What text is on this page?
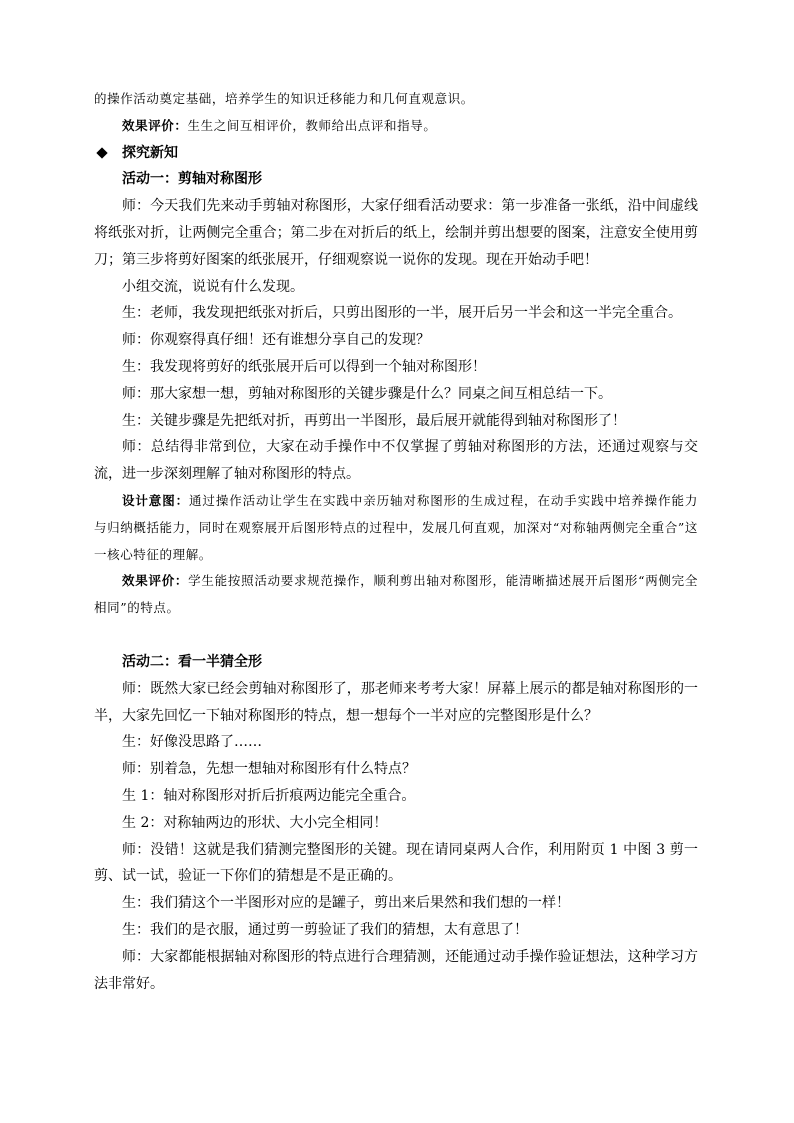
的操作活动奠定基础，培养学生的知识迁移能力和几何直观意识。

效果评价：生生之间互相评价，教师给出点评和指导。

探究新知

活动一：剪轴对称图形

师：今天我们先来动手剪轴对称图形，大家仔细看活动要求：第一步准备一张纸，沿中间虚线将纸张对折，让两侧完全重合；第二步在对折后的纸上，绘制并剪出想要的图案，注意安全使用剪刀；第三步将剪好图案的纸张展开，仔细观察说一说你的发现。现在开始动手吧！

小组交流，说说有什么发现。

生：老师，我发现把纸张对折后，只剪出图形的一半，展开后另一半会和这一半完全重合。

师：你观察得真仔细！还有谁想分享自己的发现？

生：我发现将剪好的纸张展开后可以得到一个轴对称图形！

师：那大家想一想，剪轴对称图形的关键步骤是什么？同桌之间互相总结一下。

生：关键步骤是先把纸对折，再剪出一半图形，最后展开就能得到轴对称图形了！

师：总结得非常到位，大家在动手操作中不仅掌握了剪轴对称图形的方法，还通过观察与交流，进一步深刻理解了轴对称图形的特点。

设计意图：通过操作活动让学生在实践中亲历轴对称图形的生成过程，在动手实践中培养操作能力与归纳概括能力，同时在观察展开后图形特点的过程中，发展几何直观，加深对“对称轴两侧完全重合”这一核心特征的理解。

效果评价：学生能按照活动要求规范操作，顺利剪出轴对称图形，能清晰描述展开后图形“两侧完全相同”的特点。

活动二：看一半猜全形

师：既然大家已经会剪轴对称图形了，那老师来考考大家！屏幕上展示的都是轴对称图形的一半，大家先回忆一下轴对称图形的特点，想一想每个一半对应的完整图形是什么？

生：好像没思路了……

师：别着急，先想一想轴对称图形有什么特点？

生 1：轴对称图形对折后折痕两边能完全重合。

生 2：对称轴两边的形状、大小完全相同！

师：没错！这就是我们猜测完整图形的关键。现在请同桌两人合作，利用附页 1 中图 3 剪一剪、试一试，验证一下你们的猜想是不是正确的。

生：我们猜这个一半图形对应的是罐子，剪出来后果然和我们想的一样！

生：我们的是衣服，通过剪一剪验证了我们的猜想，太有意思了！

师：大家都能根据轴对称图形的特点进行合理猜测，还能通过动手操作验证想法，这种学习方法非常好。
